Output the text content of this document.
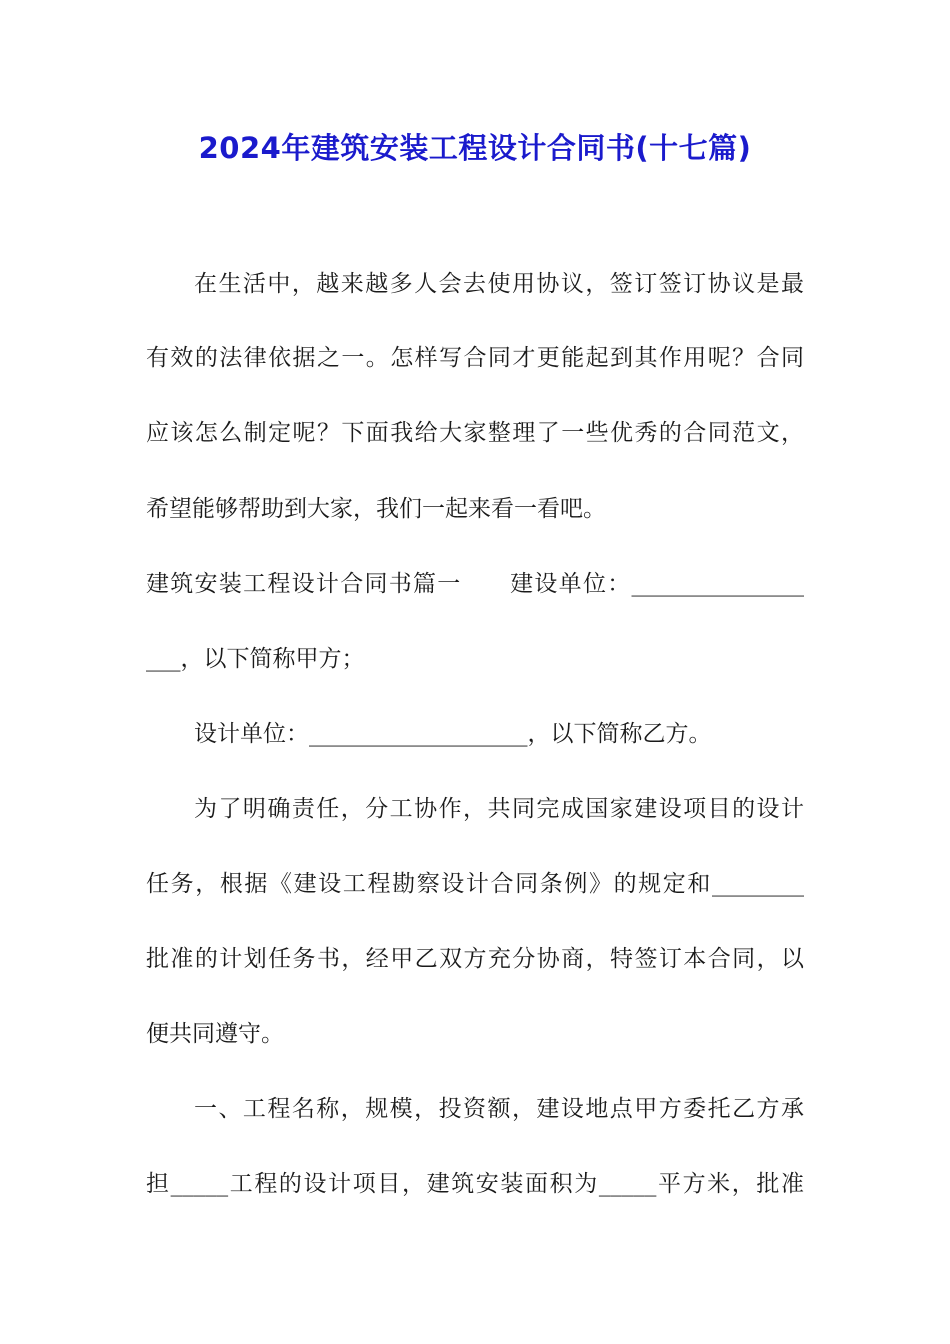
2024年建筑安装工程设计合同书(十七篇)
在生活中，越来越多人会去使用协议，签订签订协议是最
有效的法律依据之一。怎样写合同才更能起到其作用呢？合同
应该怎么制定呢？下面我给大家整理了一些优秀的合同范文，
希望能够帮助到大家，我们一起来看一看吧。
建筑安装工程设计合同书篇一　　建设单位：_______________
___，以下简称甲方；
设计单位：___________________，以下简称乙方。
为了明确责任，分工协作，共同完成国家建设项目的设计
任务，根据《建设工程勘察设计合同条例》的规定和________
批准的计划任务书，经甲乙双方充分协商，特签订本合同，以
便共同遵守。
一、工程名称，规模，投资额，建设地点甲方委托乙方承
担_____工程的设计项目，建筑安装面积为_____平方米，批准
